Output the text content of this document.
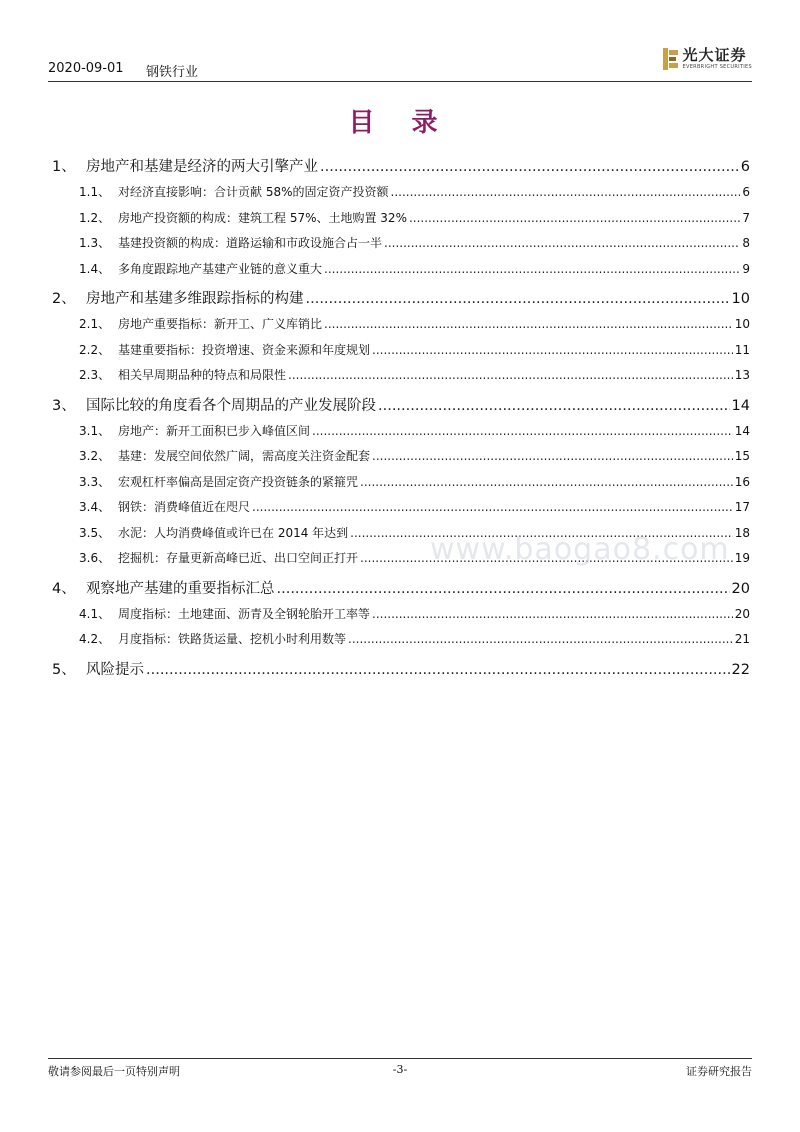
2020-09-01 钢铁行业
光大证券
EVERBRIGHT SECURITIES
目 录
1、 房地产和基建是经济的两大引擎产业 .....	6
1.1、 对经济直接影响：合计贡献 58%的固定资产投资额 .....	6
1.2、 房地产投资额的构成：建筑工程 57%、土地购置 32% .....	7
1.3、 基建投资额的构成：道路运输和市政设施合占一半 .....	8
1.4、 多角度跟踪地产基建产业链的意义重大 .....	9
2、 房地产和基建多维跟踪指标的构建 .....	10
2.1、 房地产重要指标：新开工、广义库销比 .....	10
2.2、 基建重要指标：投资增速、资金来源和年度规划 .....	11
2.3、 相关早周期品种的特点和局限性 .....	13
3、 国际比较的角度看各个周期品的产业发展阶段 .....	14
3.1、 房地产：新开工面积已步入峰值区间 .....	14
3.2、 基建：发展空间依然广阔，需高度关注资金配套 .....	15
3.3、 宏观杠杆率偏高是固定资产投资链条的紧箍咒 .....	16
3.4、 钢铁：消费峰值近在咫尺 .....	17
3.5、 水泥：人均消费峰值或许已在 2014 年达到 .....	18
3.6、 挖掘机：存量更新高峰已近、出口空间正打开 .....	19
4、 观察地产基建的重要指标汇总 .....	20
4.1、 周度指标：土地建面、沥青及全钢轮胎开工率等 .....	20
4.2、 月度指标：铁路货运量、挖机小时利用数等 .....	21
5、 风险提示 .....	22
www.baogao8.com
敬请参阅最后一页特别声明	-3-	证券研究报告
